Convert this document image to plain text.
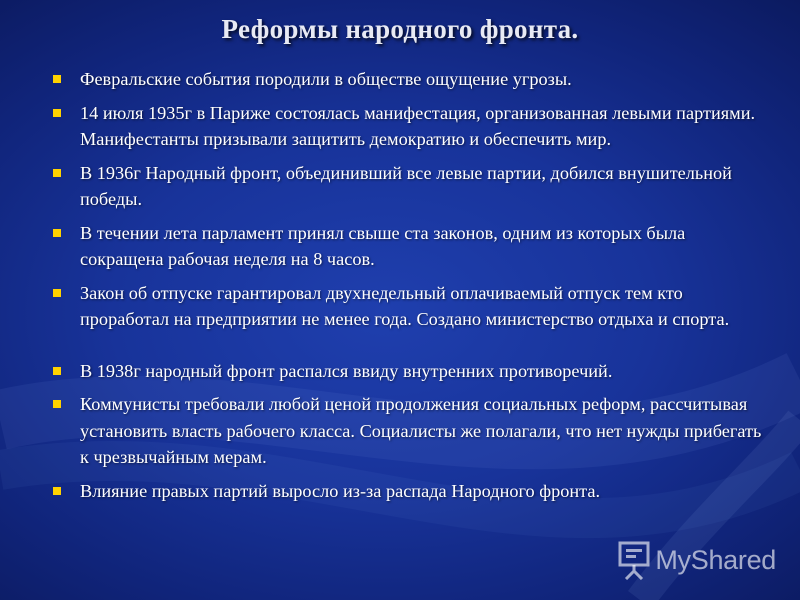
Реформы народного фронта.
Февральские события породили в обществе ощущение угрозы.
14 июля 1935г в Париже состоялась манифестация, организованная левыми партиями. Манифестанты призывали защитить демократию и обеспечить мир.
В 1936г Народный фронт, объединивший все левые партии, добился внушительной победы.
В течении лета парламент принял свыше ста законов, одним из которых была сокращена рабочая неделя на 8 часов.
Закон об отпуске гарантировал двухнедельный оплачиваемый отпуск тем кто проработал на предприятии не менее года. Создано министерство отдыха и спорта.
В 1938г народный фронт распался ввиду внутренних противоречий.
Коммунисты требовали любой ценой продолжения социальных реформ, рассчитывая установить власть рабочего класса. Социалисты же полагали, что нет нужды прибегать к чрезвычайным мерам.
Влияние правых партий выросло из-за распада Народного фронта.
MyShared
